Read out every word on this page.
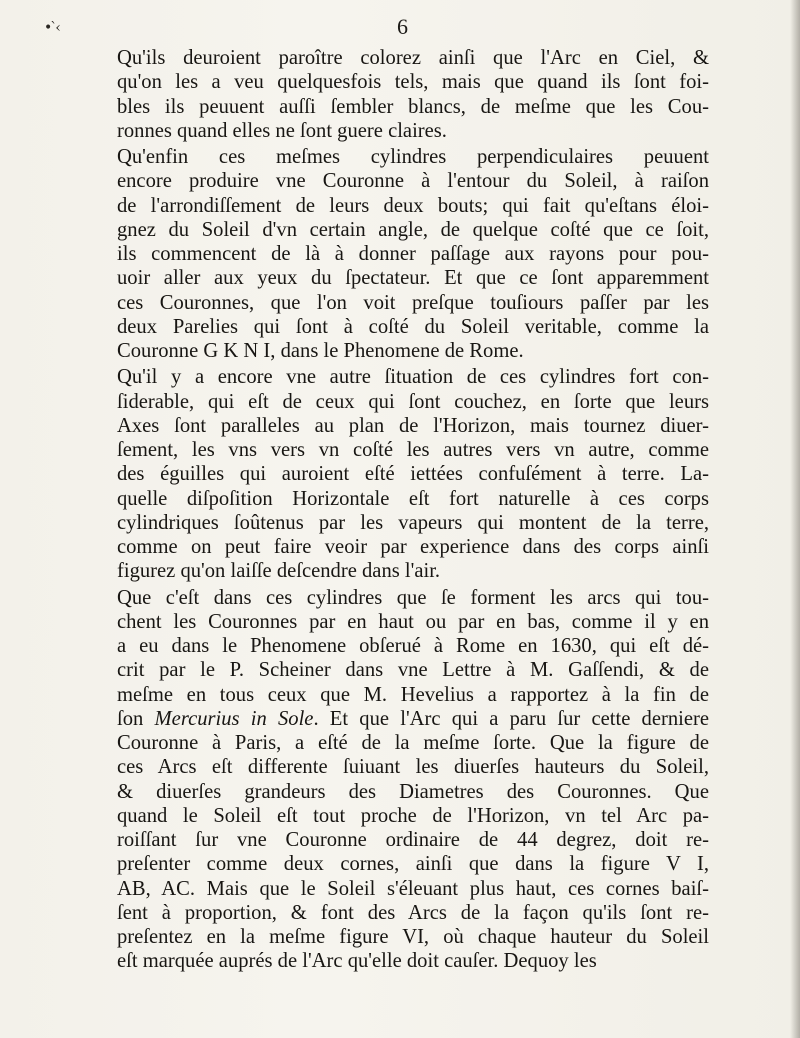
•`‹	6
Qu'ils deuroient paroître colorez ainſi que l'Arc en Ciel, &
qu'on les a veu quelquesfois tels, mais que quand ils ſont foi-
bles ils peuuent auſſi ſembler blancs, de meſme que les Cou-
ronnes quand elles ne ſont guere claires.
Qu'enfin ces meſmes cylindres perpendiculaires peuuent
encore produire vne Couronne à l'entour du Soleil, à raiſon
de l'arrondiſſement de leurs deux bouts; qui fait qu'eſtans éloi-
gnez du Soleil d'vn certain angle, de quelque coſté que ce ſoit,
ils commencent de là à donner paſſage aux rayons pour pou-
uoir aller aux yeux du ſpectateur. Et que ce ſont apparemment
ces Couronnes, que l'on voit preſque touſiours paſſer par les
deux Parelies qui ſont à coſté du Soleil veritable, comme la
Couronne G K N I, dans le Phenomene de Rome.
Qu'il y a encore vne autre ſituation de ces cylindres fort con-
ſiderable, qui eſt de ceux qui ſont couchez, en ſorte que leurs
Axes ſont paralleles au plan de l'Horizon, mais tournez diuer-
ſement, les vns vers vn coſté les autres vers vn autre, comme
des éguilles qui auroient eſté iettées confuſément à terre. La-
quelle diſpoſition Horizontale eſt fort naturelle à ces corps
cylindriques ſoûtenus par les vapeurs qui montent de la terre,
comme on peut faire veoir par experience dans des corps ainſi
figurez qu'on laiſſe deſcendre dans l'air.
Que c'eſt dans ces cylindres que ſe forment les arcs qui tou-
chent les Couronnes par en haut ou par en bas, comme il y en
a eu dans le Phenomene obſerué à Rome en 1630, qui eſt dé-
crit par le P. Scheiner dans vne Lettre à M. Gaſſendi, & de
meſme en tous ceux que M. Hevelius a rapportez à la fin de
ſon Mercurius in Sole. Et que l'Arc qui a paru ſur cette derniere
Couronne à Paris, a eſté de la meſme ſorte. Que la figure de
ces Arcs eſt differente ſuiuant les diuerſes hauteurs du Soleil,
& diuerſes grandeurs des Diametres des Couronnes. Que
quand le Soleil eſt tout proche de l'Horizon, vn tel Arc pa-
roiſſant ſur vne Couronne ordinaire de 44 degrez, doit re-
preſenter comme deux cornes, ainſi que dans la figure V I,
AB, AC. Mais que le Soleil s'éleuant plus haut, ces cornes baiſ-
ſent à proportion, & font des Arcs de la façon qu'ils ſont re-
preſentez en la meſme figure VI, où chaque hauteur du Soleil
eſt marquée auprés de l'Arc qu'elle doit cauſer. Dequoy les
